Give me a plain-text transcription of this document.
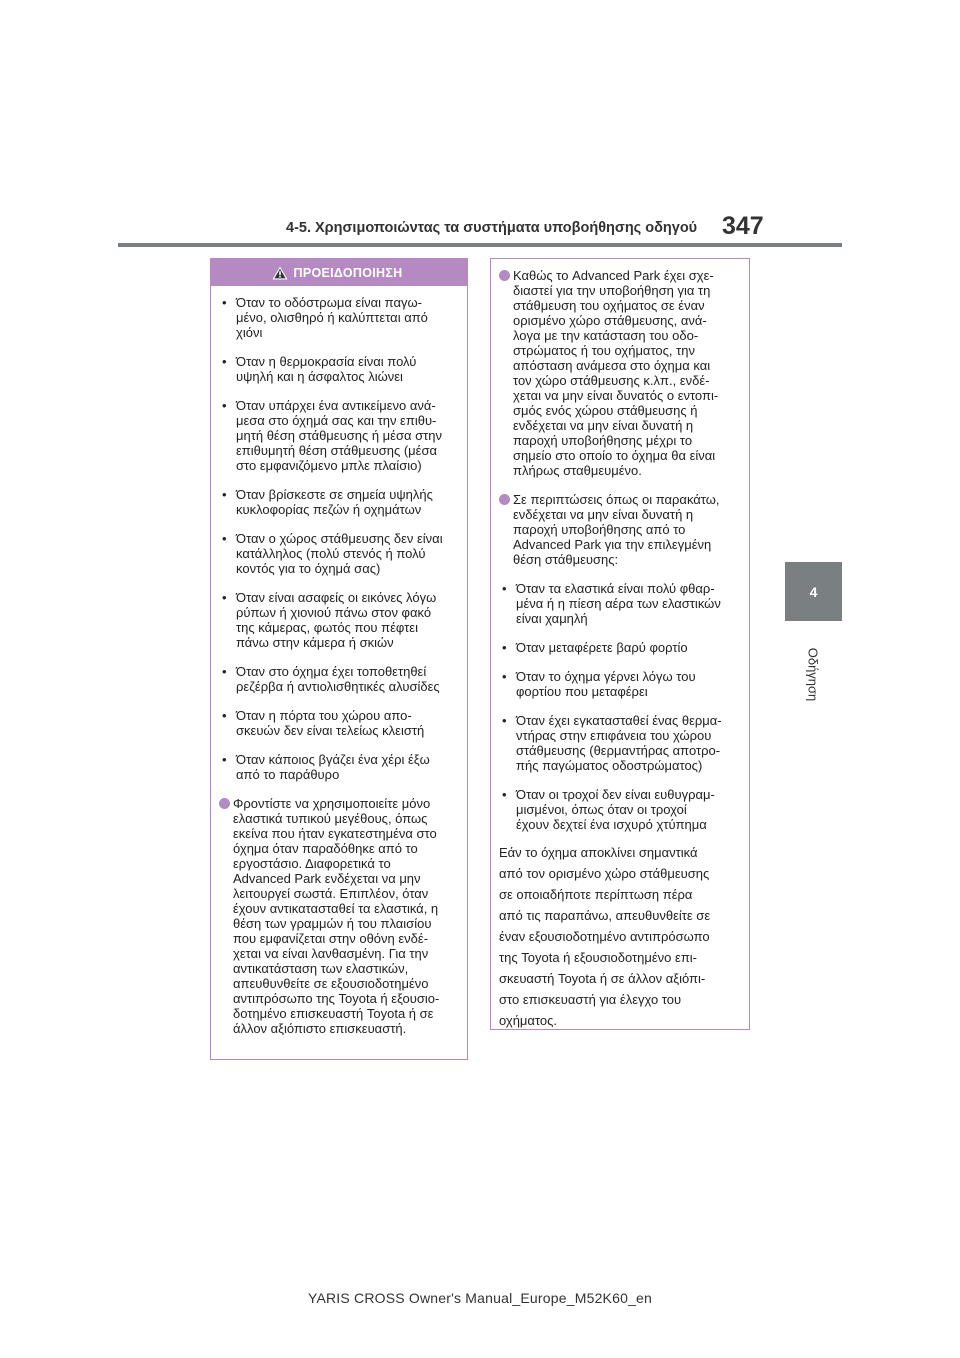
4-5. Χρησιμοποιώντας τα συστήματα υποβοήθησης οδηγού 347
4
Οδήγηση
ΠΡΟΕΙΔΟΠΟΙΗΣΗ
• Όταν το οδόστρωμα είναι παγω-
μένο, ολισθηρό ή καλύπτεται από
χιόνι
• Όταν η θερμοκρασία είναι πολύ
υψηλή και η άσφαλτος λιώνει
• Όταν υπάρχει ένα αντικείμενο ανά-
μεσα στο όχημά σας και την επιθυ-
μητή θέση στάθμευσης ή μέσα στην
επιθυμητή θέση στάθμευσης (μέσα
στο εμφανιζόμενο μπλε πλαίσιο)
• Όταν βρίσκεστε σε σημεία υψηλής
κυκλοφορίας πεζών ή οχημάτων
• Όταν ο χώρος στάθμευσης δεν είναι
κατάλληλος (πολύ στενός ή πολύ
κοντός για το όχημά σας)
• Όταν είναι ασαφείς οι εικόνες λόγω
ρύπων ή χιονιού πάνω στον φακό
της κάμερας, φωτός που πέφτει
πάνω στην κάμερα ή σκιών
• Όταν στο όχημα έχει τοποθετηθεί
ρεζέρβα ή αντιολισθητικές αλυσίδες
• Όταν η πόρτα του χώρου απο-
σκευών δεν είναι τελείως κλειστή
• Όταν κάποιος βγάζει ένα χέρι έξω
από το παράθυρο
Φροντίστε να χρησιμοποιείτε μόνο
ελαστικά τυπικού μεγέθους, όπως
εκείνα που ήταν εγκατεστημένα στο
όχημα όταν παραδόθηκε από το
εργοστάσιο. Διαφορετικά το
Advanced Park ενδέχεται να μην
λειτουργεί σωστά. Επιπλέον, όταν
έχουν αντικατασταθεί τα ελαστικά, η
θέση των γραμμών ή του πλαισίου
που εμφανίζεται στην οθόνη ενδέ-
χεται να είναι λανθασμένη. Για την
αντικατάσταση των ελαστικών,
απευθυνθείτε σε εξουσιοδοτημένο
αντιπρόσωπο της Toyota ή εξουσιο-
δοτημένο επισκευαστή Toyota ή σε
άλλον αξιόπιστο επισκευαστή.
Καθώς το Advanced Park έχει σχε-
διαστεί για την υποβοήθηση για τη
στάθμευση του οχήματος σε έναν
ορισμένο χώρο στάθμευσης, ανά-
λογα με την κατάσταση του οδο-
στρώματος ή του οχήματος, την
απόσταση ανάμεσα στο όχημα και
τον χώρο στάθμευσης κ.λπ., ενδέ-
χεται να μην είναι δυνατός ο εντοπι-
σμός ενός χώρου στάθμευσης ή
ενδέχεται να μην είναι δυνατή η
παροχή υποβοήθησης μέχρι το
σημείο στο οποίο το όχημα θα είναι
πλήρως σταθμευμένο.
Σε περιπτώσεις όπως οι παρακάτω,
ενδέχεται να μην είναι δυνατή η
παροχή υποβοήθησης από το
Advanced Park για την επιλεγμένη
θέση στάθμευσης:
• Όταν τα ελαστικά είναι πολύ φθαρ-
μένα ή η πίεση αέρα των ελαστικών
είναι χαμηλή
• Όταν μεταφέρετε βαρύ φορτίο
• Όταν το όχημα γέρνει λόγω του
φορτίου που μεταφέρει
• Όταν έχει εγκατασταθεί ένας θερμα-
ντήρας στην επιφάνεια του χώρου
στάθμευσης (θερμαντήρας αποτρο-
πής παγώματος οδοστρώματος)
• Όταν οι τροχοί δεν είναι ευθυγραμ-
μισμένοι, όπως όταν οι τροχοί
έχουν δεχτεί ένα ισχυρό χτύπημα
Εάν το όχημα αποκλίνει σημαντικά
από τον ορισμένο χώρο στάθμευσης
σε οποιαδήποτε περίπτωση πέρα
από τις παραπάνω, απευθυνθείτε σε
έναν εξουσιοδοτημένο αντιπρόσωπο
της Toyota ή εξουσιοδοτημένο επι-
σκευαστή Toyota ή σε άλλον αξιόπι-
στο επισκευαστή για έλεγχο του
οχήματος.
YARIS CROSS Owner's Manual_Europe_M52K60_en
